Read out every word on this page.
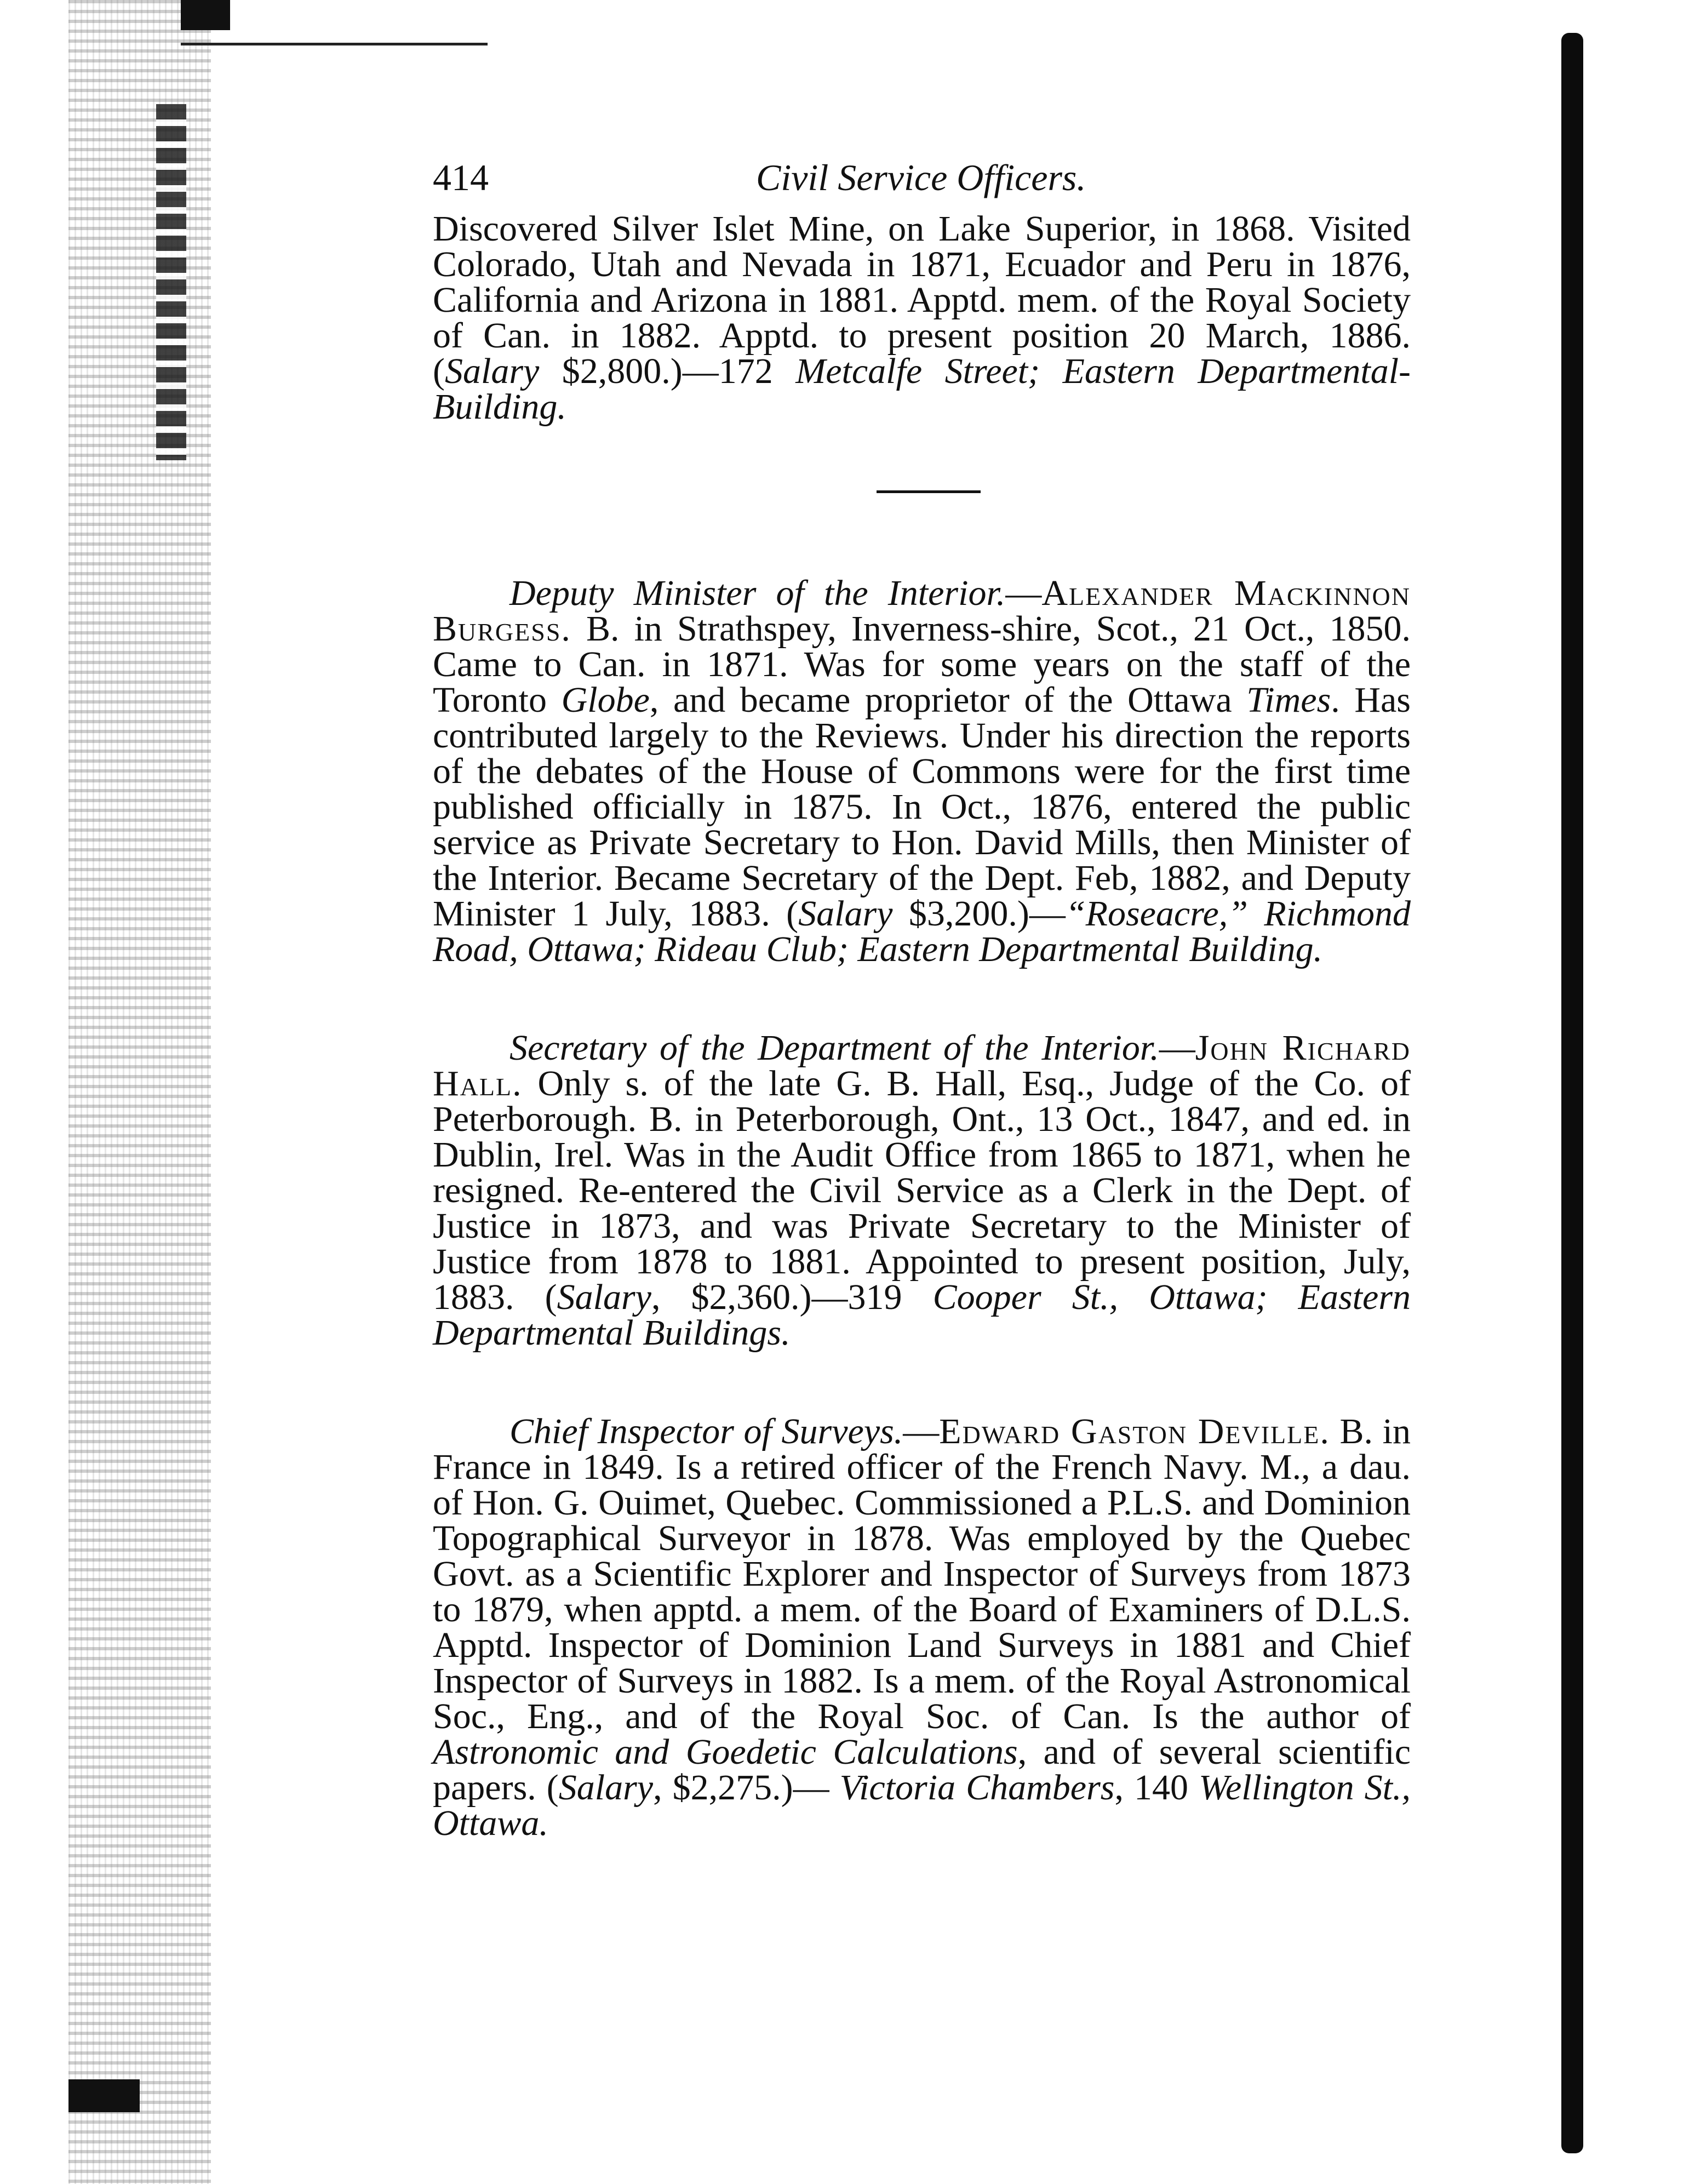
414	Civil Service Officers.

Discovered Silver Islet Mine, on Lake Superior, in 1868. Visited Colorado, Utah and Nevada in 1871, Ecuador and Peru in 1876, California and Arizona in 1881. Apptd. mem. of the Royal Society of Can. in 1882. Apptd. to present position 20 March, 1886. (Salary $2,800.)—172 Metcalfe Street; Eastern Departmental-Building.

Deputy Minister of the Interior.—Alexander Mackinnon Burgess. B. in Strathspey, Inverness-shire, Scot., 21 Oct., 1850. Came to Can. in 1871. Was for some years on the staff of the Toronto Globe, and became proprietor of the Ottawa Times. Has contributed largely to the Reviews. Under his direction the reports of the debates of the House of Commons were for the first time published officially in 1875. In Oct., 1876, entered the public service as Private Secretary to Hon. David Mills, then Minister of the Interior. Became Secretary of the Dept. Feb, 1882, and Deputy Minister 1 July, 1883. (Salary $3,200.)—“Roseacre,” Richmond Road, Ottawa; Rideau Club; Eastern Departmental Building.

Secretary of the Department of the Interior.—John Richard Hall. Only s. of the late G. B. Hall, Esq., Judge of the Co. of Peterborough. B. in Peterborough, Ont., 13 Oct., 1847, and ed. in Dublin, Irel. Was in the Audit Office from 1865 to 1871, when he resigned. Re-entered the Civil Service as a Clerk in the Dept. of Justice in 1873, and was Private Secretary to the Minister of Justice from 1878 to 1881. Appointed to present position, July, 1883. (Salary, $2,360.)—319 Cooper St., Ottawa; Eastern Departmental Buildings.

Chief Inspector of Surveys.—Edward Gaston Deville. B. in France in 1849. Is a retired officer of the French Navy. M., a dau. of Hon. G. Ouimet, Quebec. Commissioned a P.L.S. and Dominion Topographical Surveyor in 1878. Was employed by the Quebec Govt. as a Scientific Explorer and Inspector of Surveys from 1873 to 1879, when apptd. a mem. of the Board of Examiners of D.L.S. Apptd. Inspector of Dominion Land Surveys in 1881 and Chief Inspector of Surveys in 1882. Is a mem. of the Royal Astronomical Soc., Eng., and of the Royal Soc. of Can. Is the author of Astronomic and Goedetic Calculations, and of several scientific papers. (Salary, $2,275.)— Victoria Chambers, 140 Wellington St., Ottawa.
